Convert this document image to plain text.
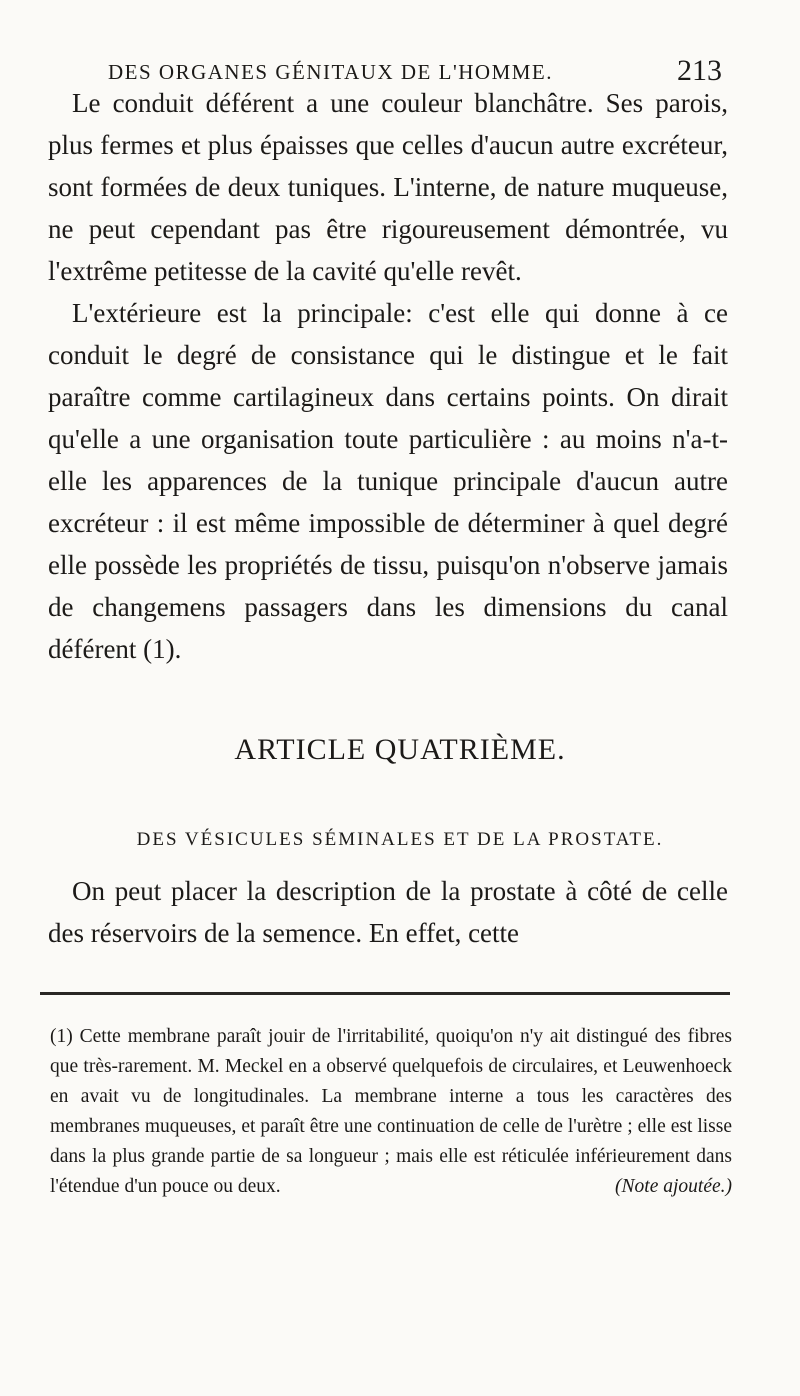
DES ORGANES GÉNITAUX DE L'HOMME.	213

Le conduit déférent a une couleur blanchâtre. Ses parois, plus fermes et plus épaisses que celles d'aucun autre excréteur, sont formées de deux tuniques. L'interne, de nature muqueuse, ne peut cependant pas être rigoureusement démontrée, vu l'extrême petitesse de la cavité qu'elle revêt.

L'extérieure est la principale: c'est elle qui donne à ce conduit le degré de consistance qui le distingue et le fait paraître comme cartilagineux dans certains points. On dirait qu'elle a une organisation toute particulière : au moins n'a-t-elle les apparences de la tunique principale d'aucun autre excréteur : il est même impossible de déterminer à quel degré elle possède les propriétés de tissu, puisqu'on n'observe jamais de changemens passagers dans les dimensions du canal déférent (1).

ARTICLE QUATRIÈME.
DES VÉSICULES SÉMINALES ET DE LA PROSTATE.

On peut placer la description de la prostate à côté de celle des réservoirs de la semence. En effet, cette

(1) Cette membrane paraît jouir de l'irritabilité, quoiqu'on n'y ait distingué des fibres que très-rarement. M. Meckel en a observé quelquefois de circulaires, et Leuwenhoeck en avait vu de longitudinales. La membrane interne a tous les caractères des membranes muqueuses, et paraît être une continuation de celle de l'urètre ; elle est lisse dans la plus grande partie de sa longueur ; mais elle est réticulée inférieurement dans l'étendue d'un pouce ou deux.	(Note ajoutée.)
